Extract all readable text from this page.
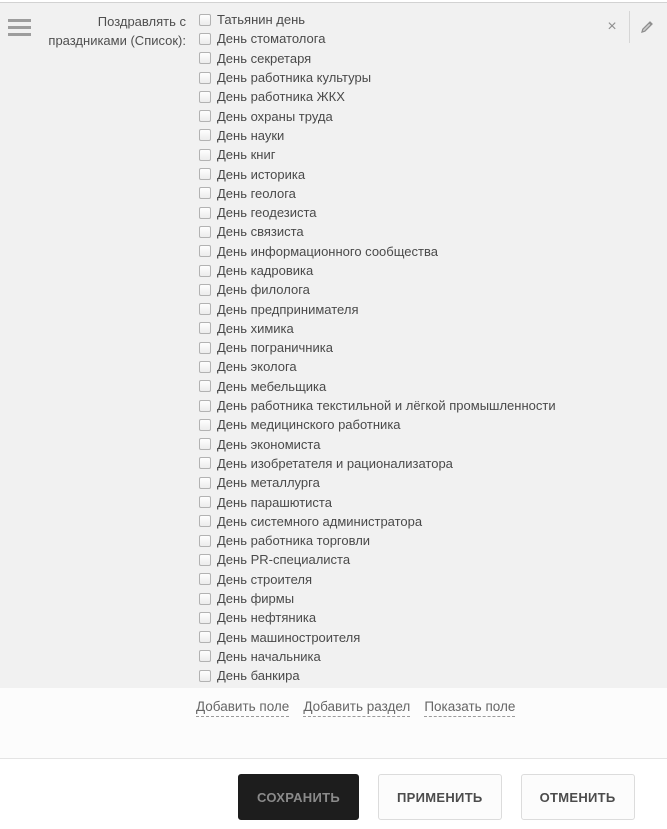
Поздравлять с праздниками (Список):
Татьянин день
День стоматолога
День секретаря
День работника культуры
День работника ЖКХ
День охраны труда
День науки
День книг
День историка
День геолога
День геодезиста
День связиста
День информационного сообщества
День кадровика
День филолога
День предпринимателя
День химика
День пограничника
День эколога
День мебельщика
День работника текстильной и лёгкой промышленности
День медицинского работника
День экономиста
День изобретателя и рационализатора
День металлурга
День парашютиста
День системного администратора
День работника торговли
День PR-специалиста
День строителя
День фирмы
День нефтяника
День машиностроителя
День начальника
День банкира
×
Добавить поле Добавить раздел Показать поле
СОХРАНИТЬ	ПРИМЕНИТЬ	ОТМЕНИТЬ
